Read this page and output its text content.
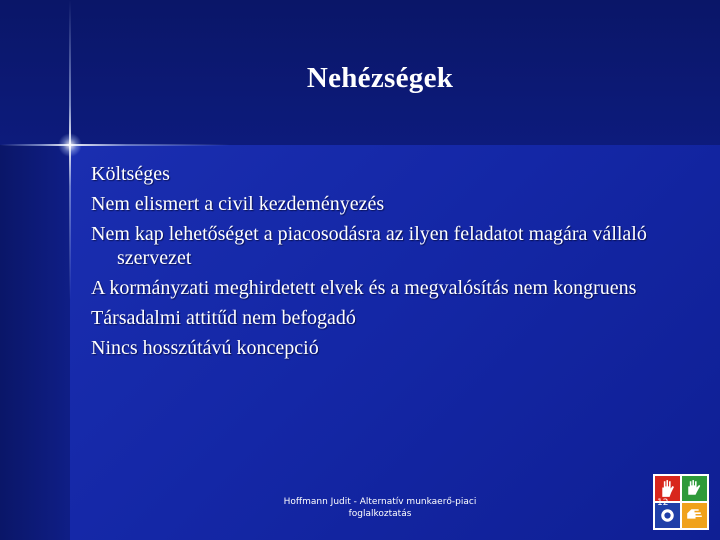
Nehézségek
Költséges
Nem elismert a civil kezdeményezés
Nem kap lehetőséget a piacosodásra az ilyen feladatot magára vállaló szervezet
A kormányzati meghirdetett elvek és a megvalósítás nem kongruens
Társadalmi attitűd nem befogadó
Nincs hosszútávú koncepció
Hoffmann Judit - Alternatív munkaerő-piaci
foglalkoztatás
12
